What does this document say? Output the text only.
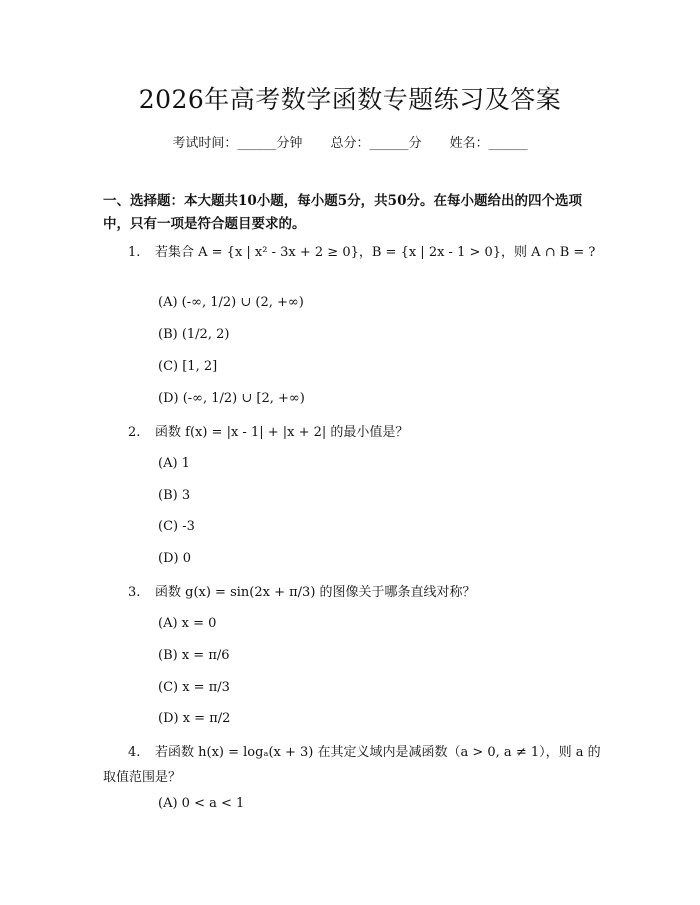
2026年高考数学函数专题练习及答案
考试时间：______分钟 总分：______分 姓名：______
一、选择题：本大题共10小题，每小题5分，共50分。在每小题给出的四个选项中，只有一项是符合题目要求的。
1. 若集合 A = {x | x² - 3x + 2 ≥ 0}，B = {x | 2x - 1 > 0}，则 A ∩ B = ?
(A) (-∞, 1/2) ∪ (2, +∞)
(B) (1/2, 2)
(C) [1, 2]
(D) (-∞, 1/2) ∪ [2, +∞)
2. 函数 f(x) = |x - 1| + |x + 2| 的最小值是？
(A) 1
(B) 3
(C) -3
(D) 0
3. 函数 g(x) = sin(2x + π/3) 的图像关于哪条直线对称？
(A) x = 0
(B) x = π/6
(C) x = π/3
(D) x = π/2
4. 若函数 h(x) = logₐ(x + 3) 在其定义域内是减函数（a > 0, a ≠ 1），则 a 的取值范围是？
(A) 0 < a < 1
